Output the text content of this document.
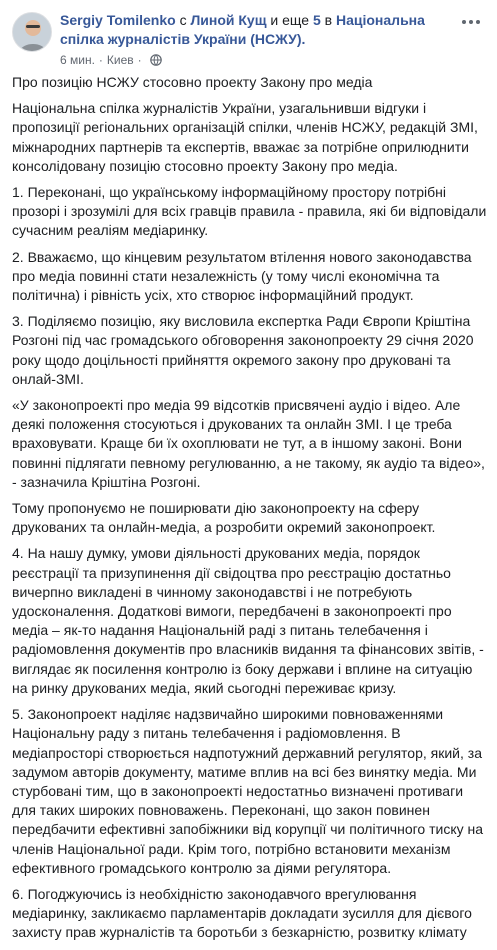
Sergiy Tomilenko с Линой Кущ и еще 5 в Національна спілка журналістів України (НСЖУ).
6 мин. · Киев ·

Про позицію НСЖУ стосовно проекту Закону про медіа

Національна спілка журналістів України, узагальнивши відгуки і пропозиції регіональних організацій спілки, членів НСЖУ, редакцій ЗМІ, міжнародних партнерів та експертів, вважає за потрібне оприлюднити консолідовану позицію стосовно проекту Закону про медіа.

1. Переконані, що українському інформаційному простору потрібні прозорі і зрозумілі для всіх гравців правила - правила, які би відповідали сучасним реаліям медіаринку.

2. Вважаємо, що кінцевим результатом втілення нового законодавства про медіа повинні стати незалежність (у тому числі економічна та політична) і рівність усіх, хто створює інформаційний продукт.

3. Поділяємо позицію, яку висловила експертка Ради Європи Кріштіна Розгоні під час громадського обговорення законопроекту 29 січня 2020 року щодо доцільності прийняття окремого закону про друковані та онлай-ЗМІ.

«У законопроекті про медіа 99 відсотків присвячені аудіо і відео. Але деякі положення стосуються і друкованих та онлайн ЗМІ. І це треба враховувати. Краще би їх охоплювати не тут, а в іншому законі. Вони повинні підлягати певному регулюванню, а не такому, як аудіо та відео», - зазначила Кріштіна Розгоні.

Тому пропонуємо не поширювати дію законопроекту на сферу друкованих та онлайн-медіа, а розробити окремий законопроект.

4. На нашу думку, умови діяльності друкованих медіа, порядок реєстрації та призупинення дії свідоцтва про реєстрацію достатньо вичерпно викладені в чинному законодавстві і не потребують удосконалення. Додаткові вимоги, передбачені в законопроекті про медіа – як-то надання Національній раді з питань телебачення і радіомовлення документів про власників видання та фінансових звітів, - виглядає як посилення контролю із боку держави і вплине на ситуацію на ринку друкованих медіа, який сьогодні переживає кризу.

5. Законопроект наділяє надзвичайно широкими повноваженнями Національну раду з питань телебачення і радіомовлення. В медіапросторі створюється надпотужний державний регулятор, який, за задумом авторів документу, матиме вплив на всі без винятку медіа. Ми стурбовані тим, що в законопроекті недостатньо визначені противаги для таких широких повноважень. Переконані, що закон повинен передбачити ефективні запобіжники від корупції чи політичного тиску на членів Національної ради. Крім того, потрібно встановити механізм ефективного громадського контролю за діями регулятора.

6. Погоджуючись із необхідністю законодавчого врегулювання медіаринку, закликаємо парламентарів докладати зусилля для дієвого захисту прав журналістів та боротьби з безкарністю, розвитку клімату
